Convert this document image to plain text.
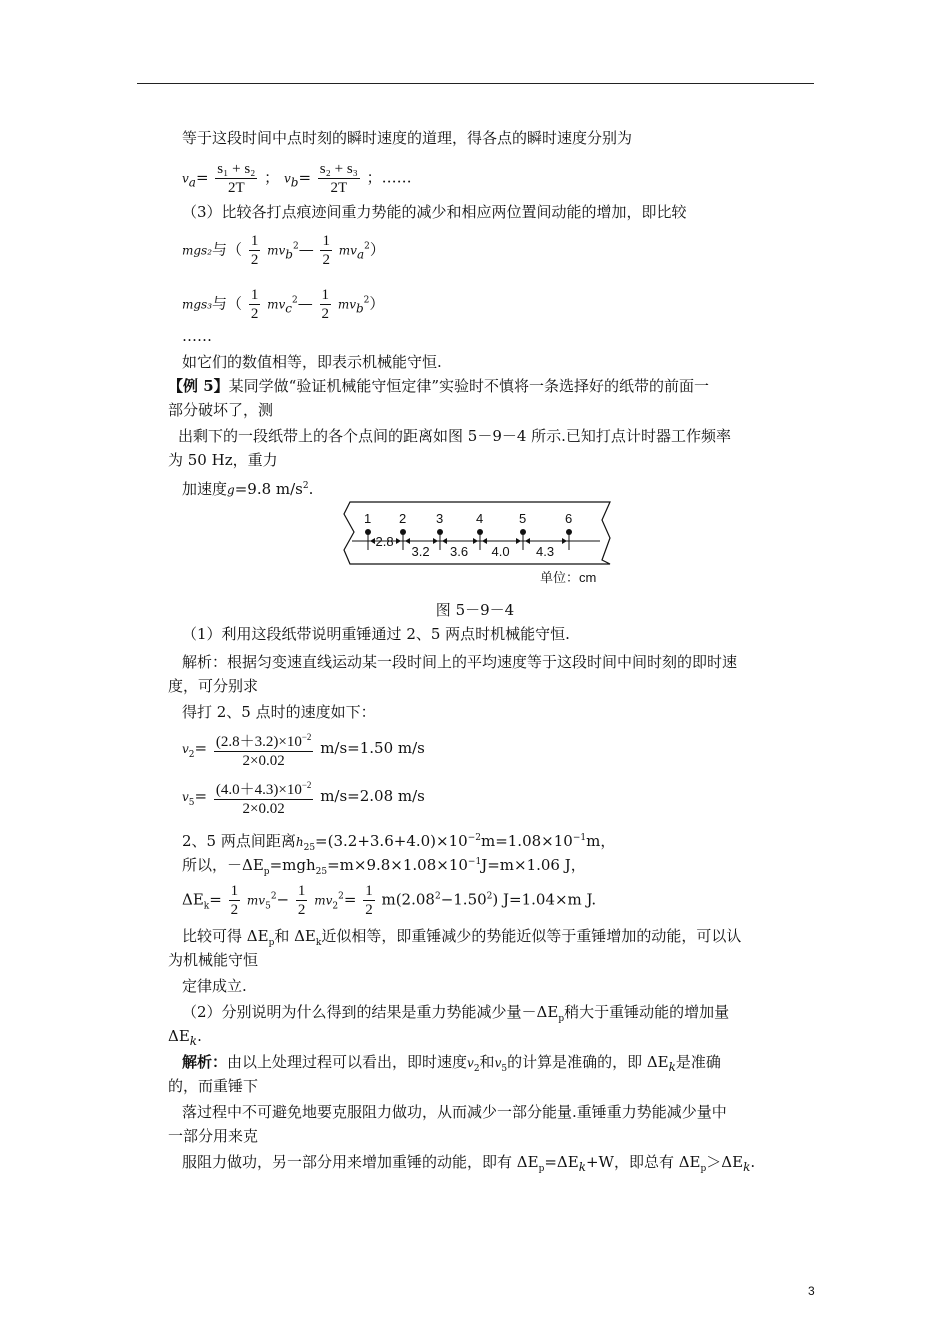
等于这段时间中点时刻的瞬时速度的道理，得各点的瞬时速度分别为
$v_a= \frac{\text{s₁ + s₂}}{2T}$ ； $v_b= \frac{\text{s₂ + s₃}}{2T}$ ；……
（3）比较各打点痕迹间重力势能的减少和相应两位置间动能的增加，即比较
mgs₂与（ $\frac{1}{2}$ $mv_b^2— \frac{1}{2} mv_a^2$）
mgs₃与（ $\frac{1}{2}$ $mv_c^2— \frac{1}{2} mv_b^2$）
……
如它们的数值相等，即表示机械能守恒.
【例 5】某同学做“验证机械能守恒定律”实验时不慎将一条选择好的纸带的前面一
部分破坏了，测
出剩下的一段纸带上的各个点间的距离如图 5－9－4 所示.已知打点计时器工作频率
为 50 Hz，重力
加速度g=9.8 $m/s^2$.
1 2 3	4	5	6
2.8
3.2 3.6 4.0 4.3
单位：cm
图 5－9－4
（1）利用这段纸带说明重锤通过 2、5 两点时机械能守恒.
解析：根据匀变速直线运动某一段时间上的平均速度等于这段时间中间时刻的即时速
度，可分别求
得打 2、5 点时的速度如下：
$v_2= \frac{(2.8+3.2)\times 10^{-2}}{2\times 0.02} m/s=1.50$ m/s
$v_5= \frac{(4.0+4.3)\times 10^{-2}}{2\times 0.02} m/s=2.08$ m/s
2、5 两点间距离$h_{25}=(3.2+3.6+4.0)\times 10^{-2}m=1.08\times 10^{-1}m$，
所以，$-\Delta E_p=mgh_{25}=m\times 9.8\times 1.08\times 10^{-1}J=m\times 1.06$ J，
$\Delta E_k= \frac{1}{2} mv_5^2- \frac{1}{2} mv_2^2= \frac{1}{2} m(2.08^2-1.50^2)$ J=1.04×m J.
比较可得 $\Delta E_p$和 $\Delta E_k$近似相等，即重锤减少的势能近似等于重锤增加的动能，可以认
为机械能守恒
定律成立.
（2）分别说明为什么得到的结果是重力势能减少量$-\Delta E_p$稍大于重锤动能的增加量
$\Delta E_k$.
解析：由以上处理过程可以看出，即时速度$v_2$和$v_5$的计算是准确的，即 $\Delta E_k$是准确
的，而重锤下
落过程中不可避免地要克服阻力做功，从而减少一部分能量.重锤重力势能减少量中
一部分用来克
服阻力做功，另一部分用来增加重锤的动能，即有 $\Delta E_p=\Delta E_k+W$，即总有 $\Delta E_p>\Delta E_k$.
3
